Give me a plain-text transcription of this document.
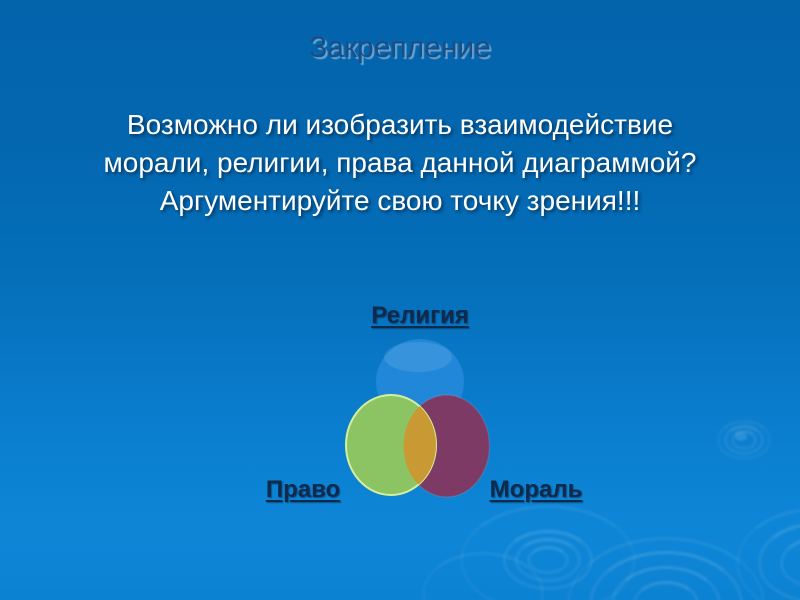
Закрепление
Возможно ли изобразить взаимодействие
морали, религии, права данной диаграммой?
Аргументируйте свою точку зрения!!!
Религия
Право	Мораль
